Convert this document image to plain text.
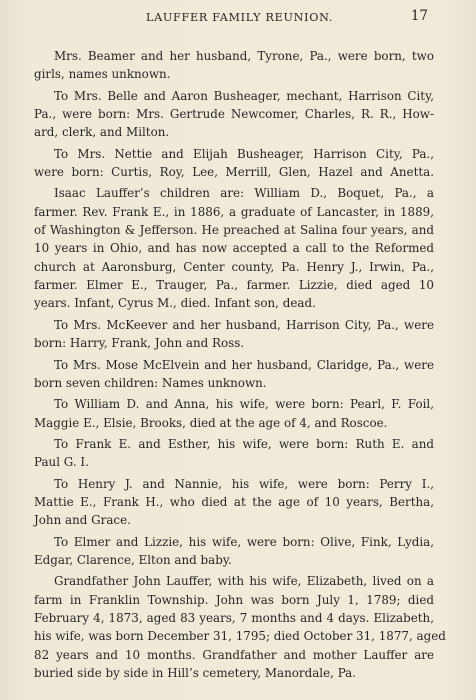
LAUFFER FAMILY REUNION.	17
Mrs. Beamer and her husband, Tyrone, Pa., were born, two
girls, names unknown.
To Mrs. Belle and Aaron Busheager, mechant, Harrison City,
Pa., were born: Mrs. Gertrude Newcomer, Charles, R. R., How-
ard, clerk, and Milton.
To Mrs. Nettie and Elijah Busheager, Harrison City, Pa.,
were born: Curtis, Roy, Lee, Merrill, Glen, Hazel and Anetta.
Isaac Lauffer’s children are: William D., Boquet, Pa., a
farmer. Rev. Frank E., in 1886, a graduate of Lancaster, in 1889,
of Washington & Jefferson. He preached at Salina four years, and
10 years in Ohio, and has now accepted a call to the Reformed
church at Aaronsburg, Center county, Pa. Henry J., Irwin, Pa.,
farmer. Elmer E., Trauger, Pa., farmer. Lizzie, died aged 10
years. Infant, Cyrus M., died. Infant son, dead.
To Mrs. McKeever and her husband, Harrison City, Pa., were
born: Harry, Frank, John and Ross.
To Mrs. Mose McElvein and her husband, Claridge, Pa., were
born seven children: Names unknown.
To William D. and Anna, his wife, were born: Pearl, F. Foil,
Maggie E., Elsie, Brooks, died at the age of 4, and Roscoe.
To Frank E. and Esther, his wife, were born: Ruth E. and
Paul G. I.
To Henry J. and Nannie, his wife, were born: Perry I.,
Mattie E., Frank H., who died at the age of 10 years, Bertha,
John and Grace.
To Elmer and Lizzie, his wife, were born: Olive, Fink, Lydia,
Edgar, Clarence, Elton and baby.
Grandfather John Lauffer, with his wife, Elizabeth, lived on a
farm in Franklin Township. John was born July 1, 1789; died
February 4, 1873, aged 83 years, 7 months and 4 days. Elizabeth,
his wife, was born December 31, 1795; died October 31, 1877, aged
82 years and 10 months. Grandfather and mother Lauffer are
buried side by side in Hill’s cemetery, Manordale, Pa.
